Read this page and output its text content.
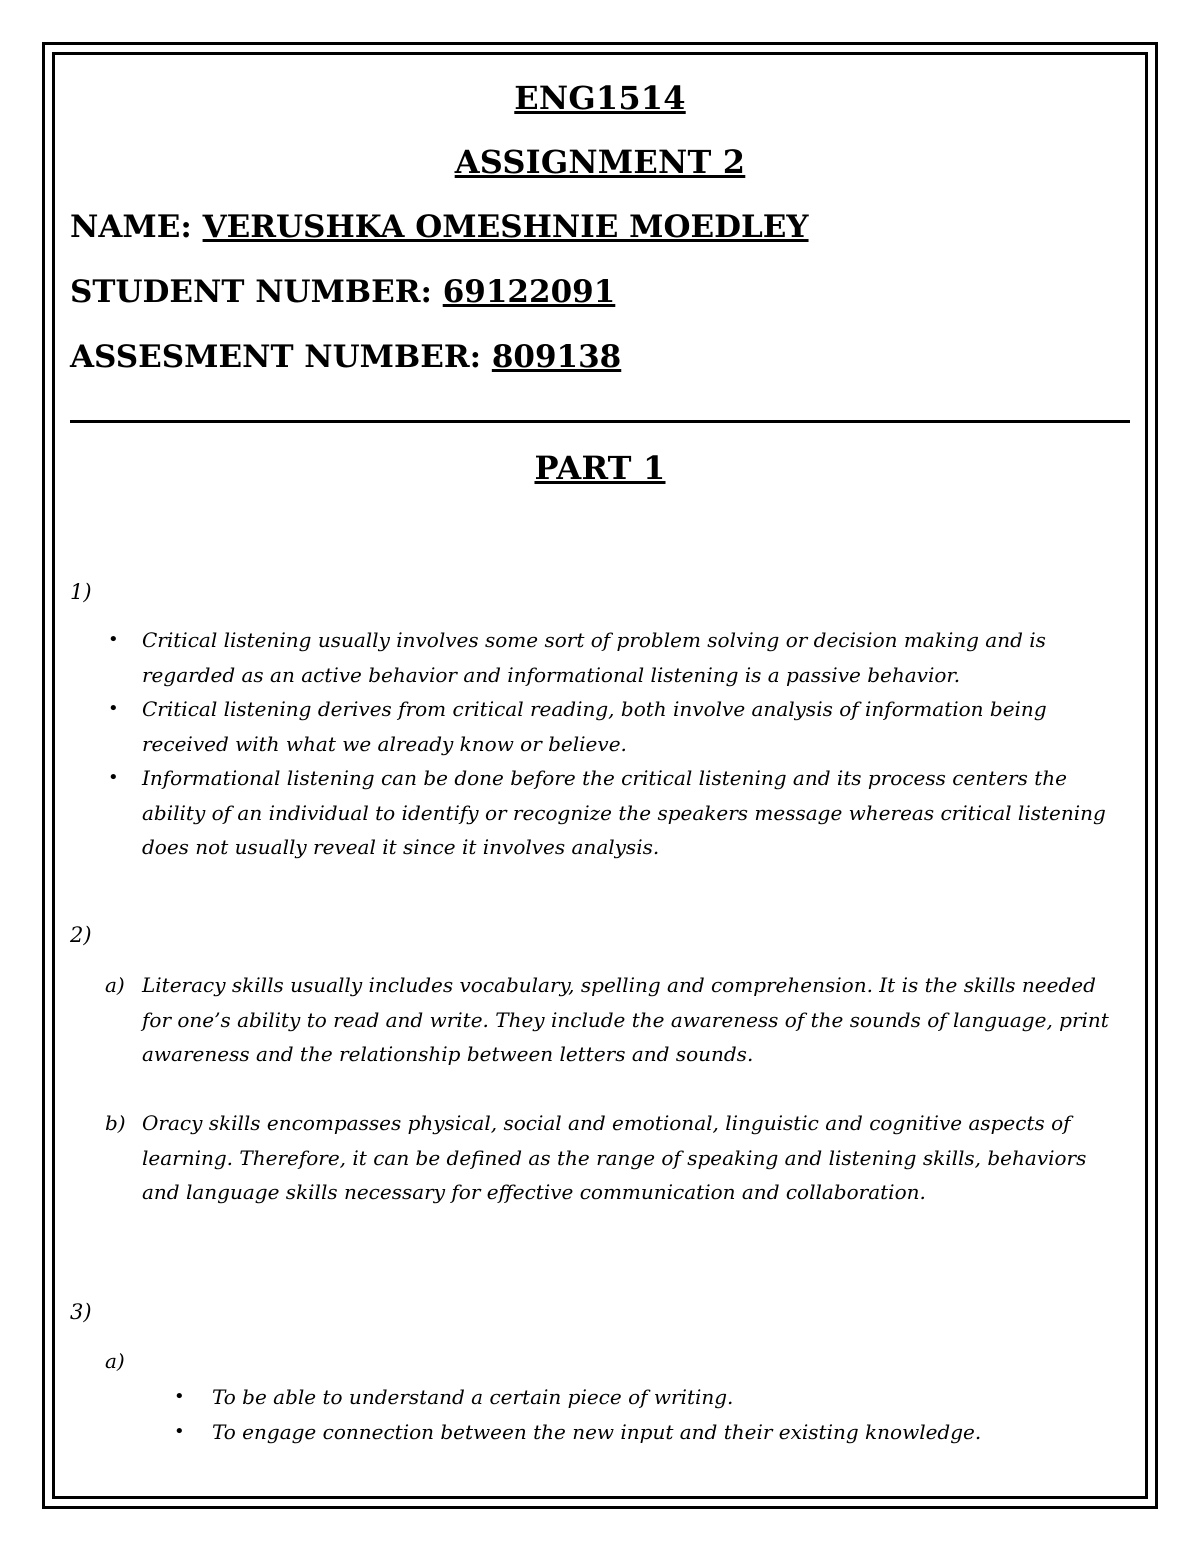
ENG1514
ASSIGNMENT 2
NAME: VERUSHKA OMESHNIE MOEDLEY
STUDENT NUMBER: 69122091
ASSESMENT NUMBER: 809138
PART 1
1)
• Critical listening usually involves some sort of problem solving or decision making and is regarded as an active behavior and informational listening is a passive behavior.
• Critical listening derives from critical reading, both involve analysis of information being received with what we already know or believe.
• Informational listening can be done before the critical listening and its process centers the ability of an individual to identify or recognize the speakers message whereas critical listening does not usually reveal it since it involves analysis.
2)
a) Literacy skills usually includes vocabulary, spelling and comprehension. It is the skills needed for one’s ability to read and write. They include the awareness of the sounds of language, print awareness and the relationship between letters and sounds.
b) Oracy skills encompasses physical, social and emotional, linguistic and cognitive aspects of learning. Therefore, it can be defined as the range of speaking and listening skills, behaviors and language skills necessary for effective communication and collaboration.
3)
a)
• To be able to understand a certain piece of writing.
• To engage connection between the new input and their existing knowledge.
